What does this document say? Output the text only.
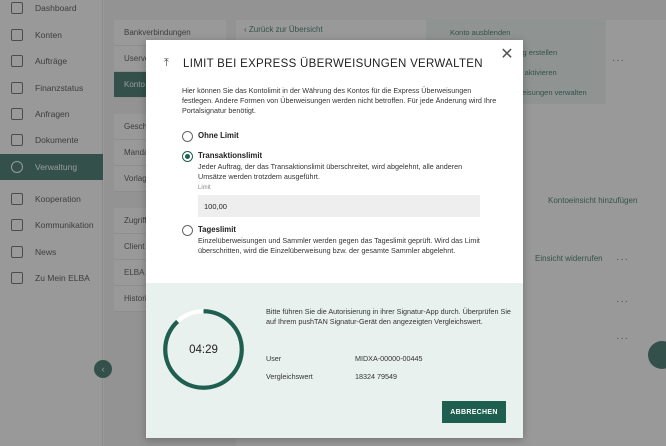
✕
⤒	LIMIT BEI EXPRESS ÜBERWEISUNGEN VERWALTEN
Hier können Sie das Kontolimit in der Währung des Kontos für die Express Überweisungen festlegen. Andere Formen von Überweisungen werden nicht betroffen. Für jede Änderung wird Ihre Portalsignatur benötigt.
Ohne Limit
Transaktionslimit
Jeder Auftrag, der das Transaktionslimit überschreitet, wird abgelehnt, alle anderen Umsätze werden trotzdem ausgeführt.
Limit
100,00
Tageslimit
Einzelüberweisungen und Sammler werden gegen das Tageslimit geprüft. Wird das Limit überschritten, wird die Einzelüberweisung bzw. der gesamte Sammler abgelehnt.
04:29
Bitte führen Sie die Autorisierung in ihrer Signatur-App durch. Überprüfen Sie auf Ihrem pushTAN Signatur-Gerät den angezeigten Vergleichswert.
User	MIDXA-00000-00445
Vergleichswert	18324 79549
ABBRECHEN
